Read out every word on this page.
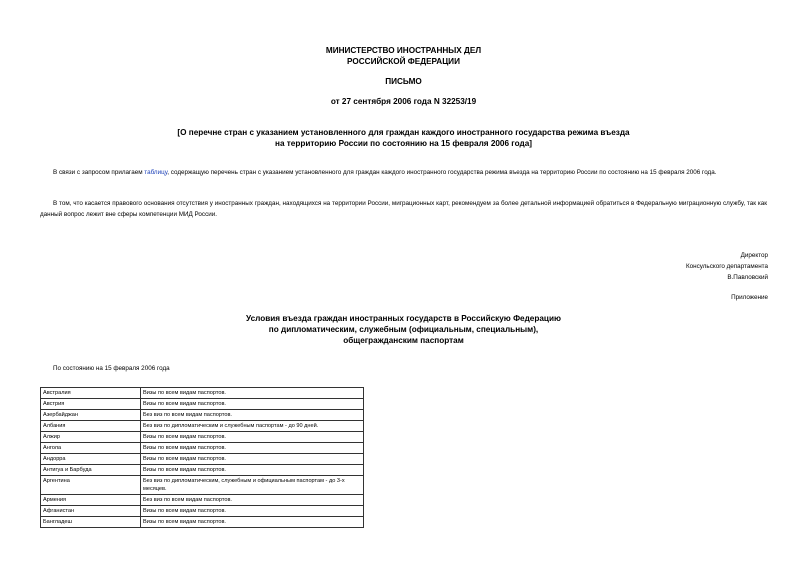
МИНИСТЕРСТВО ИНОСТРАННЫХ ДЕЛ
РОССИЙСКОЙ ФЕДЕРАЦИИ
ПИСЬМО
от 27 сентября 2006 года N 32253/19
[О перечне стран с указанием установленного для граждан каждого иностранного государства режима въезда
на территорию России по состоянию на 15 февраля 2006 года]
В связи с запросом прилагаем таблицу, содержащую перечень стран с указанием установленного для граждан каждого иностранного государства режима въезда на территорию России по состоянию на 15 февраля 2006 года.
В том, что касается правового основания отсутствия у иностранных граждан, находящихся на территории России, миграционных карт, рекомендуем за более детальной информацией обратиться в Федеральную миграционную службу, так как данный вопрос лежит вне сферы компетенции МИД России.
Директор
Консульского департамента
В.Павловский
Приложение
Условия въезда граждан иностранных государств в Российскую Федерацию
по дипломатическим, служебным (официальным, специальным),
общегражданским паспортам
По состоянию на 15 февраля 2006 года
Австралия	Визы по всем видам паспортов.
Австрия	Визы по всем видам паспортов.
Азербайджан	Без виз по всем видам паспортов.
Албания	Без виз по дипломатическим и служебным паспортам - до 90 дней.
Алжир	Визы по всем видам паспортов.
Ангола	Визы по всем видам паспортов.
Андорра	Визы по всем видам паспортов.
Антигуа и Барбуда	Визы по всем видам паспортов.
Аргентина	Без виз по дипломатическим, служебным и официальным паспортам - до 3-х месяцев.
Армения	Без виз по всем видам паспортов.
Афганистан	Визы по всем видам паспортов.
Бангладеш	Визы по всем видам паспортов.
